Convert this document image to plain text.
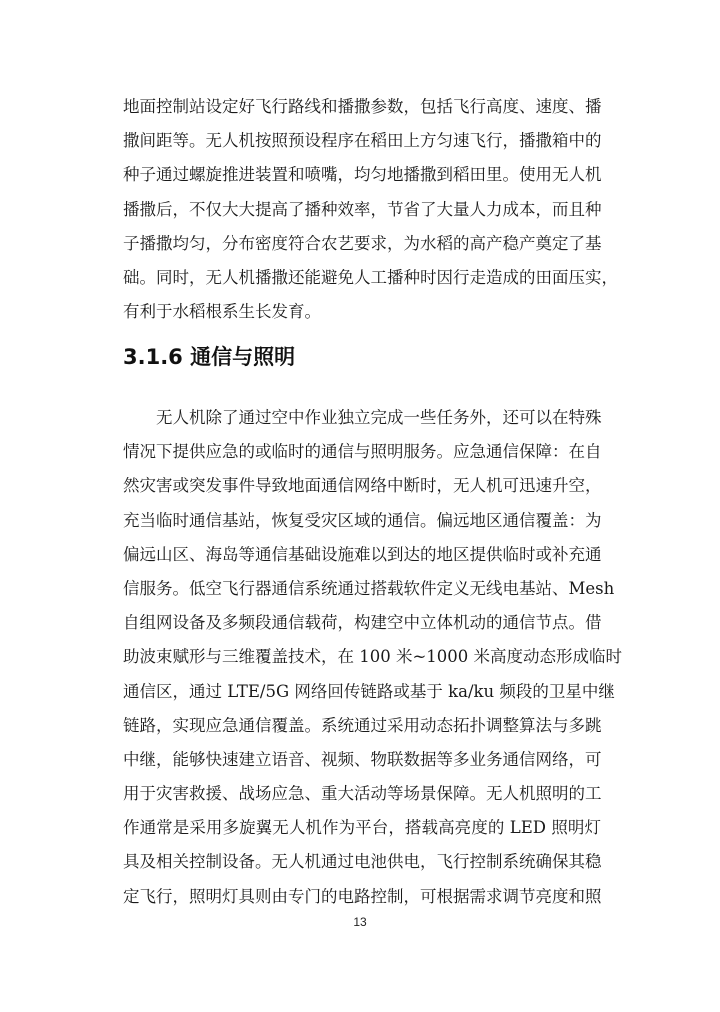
地面控制站设定好飞行路线和播撒参数，包括飞行高度、速度、播
撒间距等。无人机按照预设程序在稻田上方匀速飞行，播撒箱中的
种子通过螺旋推进装置和喷嘴，均匀地播撒到稻田里。使用无人机
播撒后，不仅大大提高了播种效率，节省了大量人力成本，而且种
子播撒均匀，分布密度符合农艺要求，为水稻的高产稳产奠定了基
础。同时，无人机播撒还能避免人工播种时因行走造成的田面压实，
有利于水稻根系生长发育。
3.1.6 通信与照明
无人机除了通过空中作业独立完成一些任务外，还可以在特殊
情况下提供应急的或临时的通信与照明服务。应急通信保障：在自
然灾害或突发事件导致地面通信网络中断时，无人机可迅速升空，
充当临时通信基站，恢复受灾区域的通信。偏远地区通信覆盖：为
偏远山区、海岛等通信基础设施难以到达的地区提供临时或补充通
信服务。低空飞行器通信系统通过搭载软件定义无线电基站、Mesh
自组网设备及多频段通信载荷，构建空中立体机动的通信节点。借
助波束赋形与三维覆盖技术，在 100 米~1000 米高度动态形成临时
通信区，通过 LTE/5G 网络回传链路或基于 ka/ku 频段的卫星中继
链路，实现应急通信覆盖。系统通过采用动态拓扑调整算法与多跳
中继，能够快速建立语音、视频、物联数据等多业务通信网络，可
用于灾害救援、战场应急、重大活动等场景保障。无人机照明的工
作通常是采用多旋翼无人机作为平台，搭载高亮度的 LED 照明灯
具及相关控制设备。无人机通过电池供电，飞行控制系统确保其稳
定飞行，照明灯具则由专门的电路控制，可根据需求调节亮度和照
13
